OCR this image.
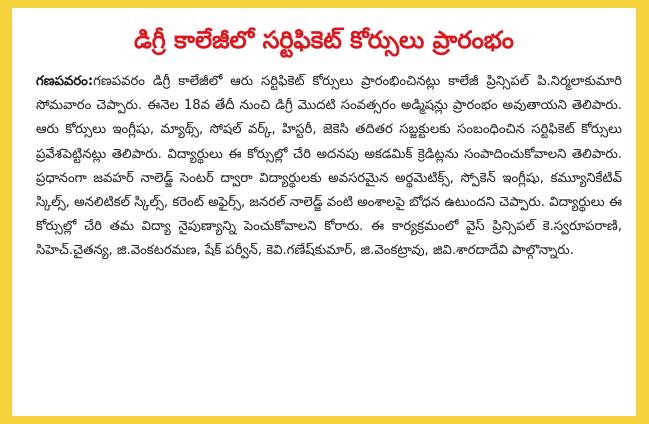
డిగ్రీ కాలేజీలో సర్టిఫికెట్ కోర్సులు ప్రారంభం

గణపవరం:గణపవరం డిగ్రీ కాలేజీలో ఆరు సర్టిఫికెట్ కోర్సులు ప్రారంభించినట్లు కాలేజీ ప్రిన్సిపల్ పి.నిర్మలాకుమారి సోమవారం చెప్పారు. ఈనెల 18వ తేదీ నుంచి డిగ్రీ మొదటి సంవత్సరం అడ్మిషన్లు ప్రారంభం అవుతాయని తెలిపారు. ఆరు కోర్సులు ఇంగ్లీషు, మ్యాథ్స్, సోషల్ వర్క్, హిస్టరీ, జెకెసి తదితర సబ్జక్టులకు సంబంధించిన సర్టిఫికెట్ కోర్సులు ప్రవేశపెట్టినట్లు తెలిపారు. విద్యార్థులు ఈ కోర్సుల్లో చేరి అదనపు అకడమిక్ క్రెడిట్లను సంపాదించుకోవాలని తెలిపారు. ప్రధానంగా జవహర్ నాలెడ్జ్ సెంటర్ ద్వారా విద్యార్థులకు అవసరమైన అర్థమెటిక్స్, స్పోకెన్ ఇంగ్లీషు, కమ్యూనికేటివ్ స్కిల్స్, అనలిటికల్ స్కిల్స్, కరెంట్ అఫైర్స్, జనరల్ నాలెడ్జ్ వంటి అంశాలపై బోధన ఉటుందని చెప్పారు. విద్యార్థులు ఈ కోర్సుల్లో చేరి తమ విద్యా నైపుణ్యాన్ని పెంచుకోవాలని కోరారు. ఈ కార్యక్రమంలో వైస్ ప్రిన్సిపల్ కె.స్వరూపరాణి, సిహెచ్.చైతన్య, జి.వెంకటరమణ, షేక్ పర్వీన్, కెవి.గణేష్‌కుమార్, జి.వెంకట్రావు, జివి.శారదాదేవి పాల్గొన్నారు.
